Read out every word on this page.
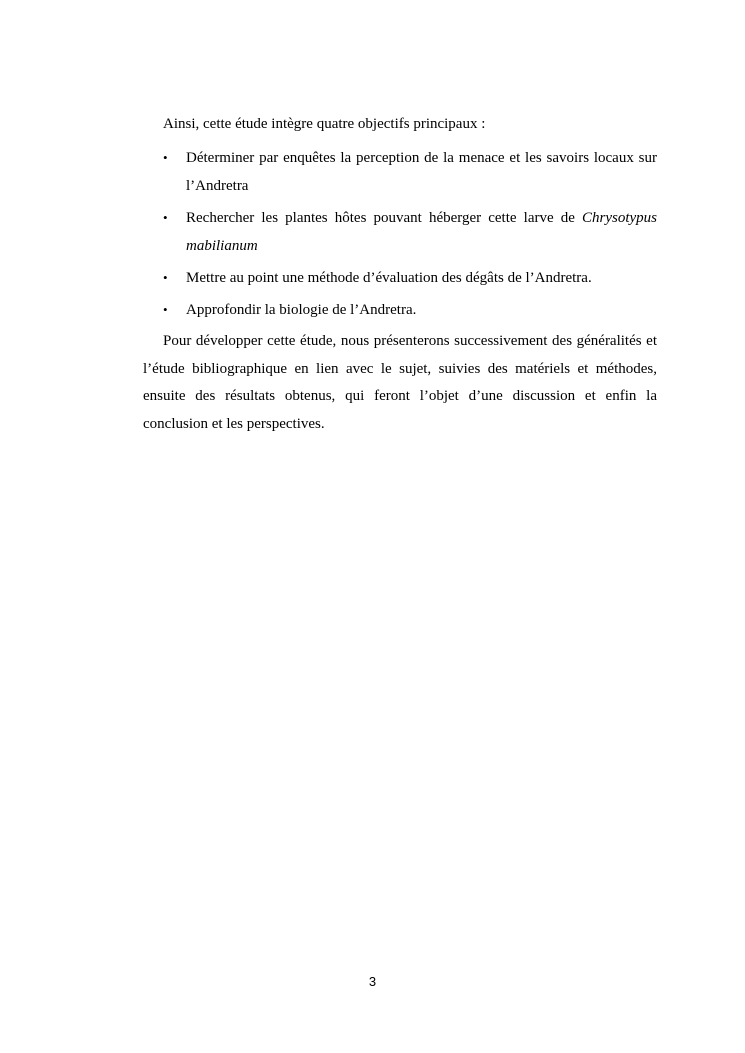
Ainsi, cette étude intègre quatre objectifs principaux :

• Déterminer par enquêtes la perception de la menace et les savoirs locaux sur
l’Andretra
• Rechercher les plantes hôtes pouvant héberger cette larve de Chrysotypus
mabilianum
• Mettre au point une méthode d’évaluation des dégâts de l’Andretra.
• Approfondir la biologie de l’Andretra.

Pour développer cette étude, nous présenterons successivement des généralités et
l’étude bibliographique en lien avec le sujet, suivies des matériels et méthodes,
ensuite des résultats obtenus, qui feront l’objet d’une discussion et enfin la
conclusion et les perspectives.

3
